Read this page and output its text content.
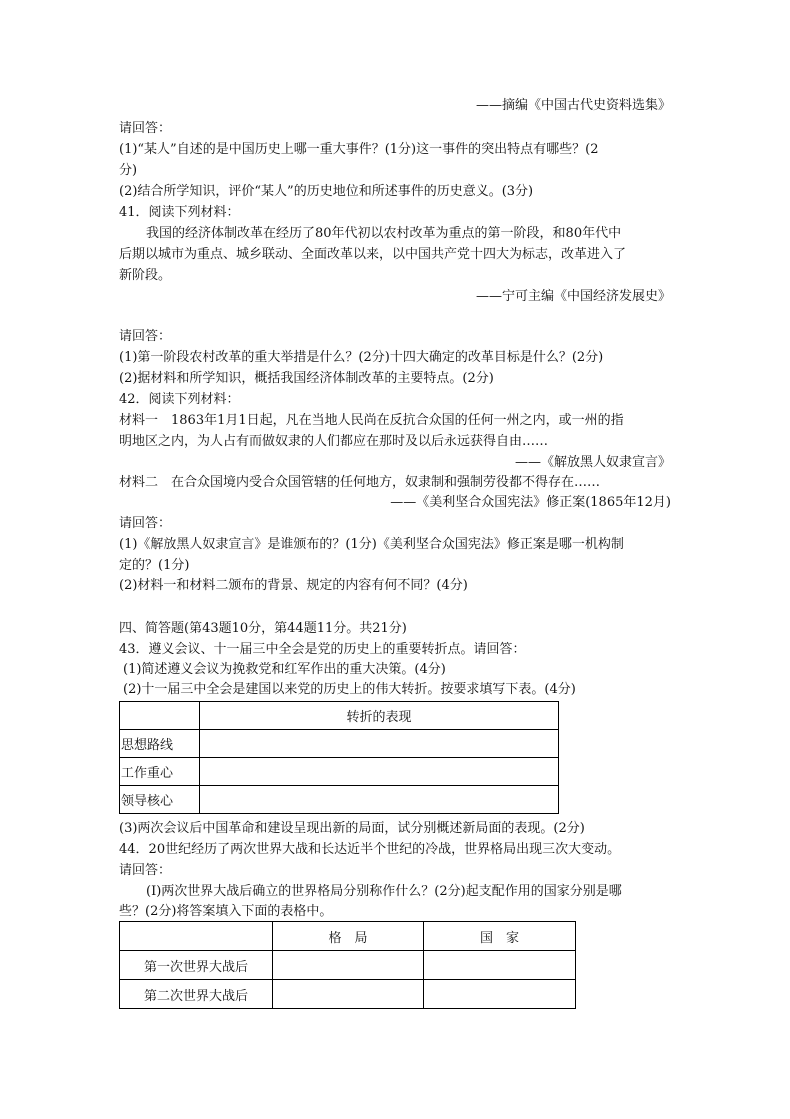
——摘编《中国古代史资料选集》
请回答：
(1)“某人”自述的是中国历史上哪一重大事件？(1分)这一事件的突出特点有哪些？(2
分)
(2)结合所学知识，评价“某人”的历史地位和所述事件的历史意义。(3分)
41．阅读下列材料：
我国的经济体制改革在经历了80年代初以农村改革为重点的第一阶段，和80年代中
后期以城市为重点、城乡联动、全面改革以来，以中国共产党十四大为标志，改革进入了
新阶段。
——宁可主编《中国经济发展史》
请回答：
(1)第一阶段农村改革的重大举措是什么？(2分)十四大确定的改革目标是什么？(2分)
(2)据材料和所学知识，概括我国经济体制改革的主要特点。(2分)
42．阅读下列材料：
材料一　1863年1月1日起，凡在当地人民尚在反抗合众国的任何一州之内，或一州的指
明地区之内，为人占有而做奴隶的人们都应在那时及以后永远获得自由……
——《解放黑人奴隶宣言》
材料二　在合众国境内受合众国管辖的任何地方，奴隶制和强制劳役都不得存在……
——《美利坚合众国宪法》修正案(1865年12月)
请回答：
(1)《解放黑人奴隶宣言》是谁颁布的？(1分)《美利坚合众国宪法》修正案是哪一机构制
定的？(1分)
(2)材料一和材料二颁布的背景、规定的内容有何不同？(4分)
四、简答题(第43题10分，第44题11分。共21分)
43．遵义会议、十一届三中全会是党的历史上的重要转折点。请回答：
(1)简述遵义会议为挽救党和红军作出的重大决策。(4分)
(2)十一届三中全会是建国以来党的历史上的伟大转折。按要求填写下表。(4分)
	转折的表现
思想路线	
工作重心	
领导核心	
(3)两次会议后中国革命和建设呈现出新的局面，试分别概述新局面的表现。(2分)
44．20世纪经历了两次世界大战和长达近半个世纪的冷战，世界格局出现三次大变动。
请回答：
(I)两次世界大战后确立的世界格局分别称作什么？(2分)起支配作用的国家分别是哪
些？(2分)将答案填入下面的表格中。
	格　局	国　家
第一次世界大战后		
第二次世界大战后		
